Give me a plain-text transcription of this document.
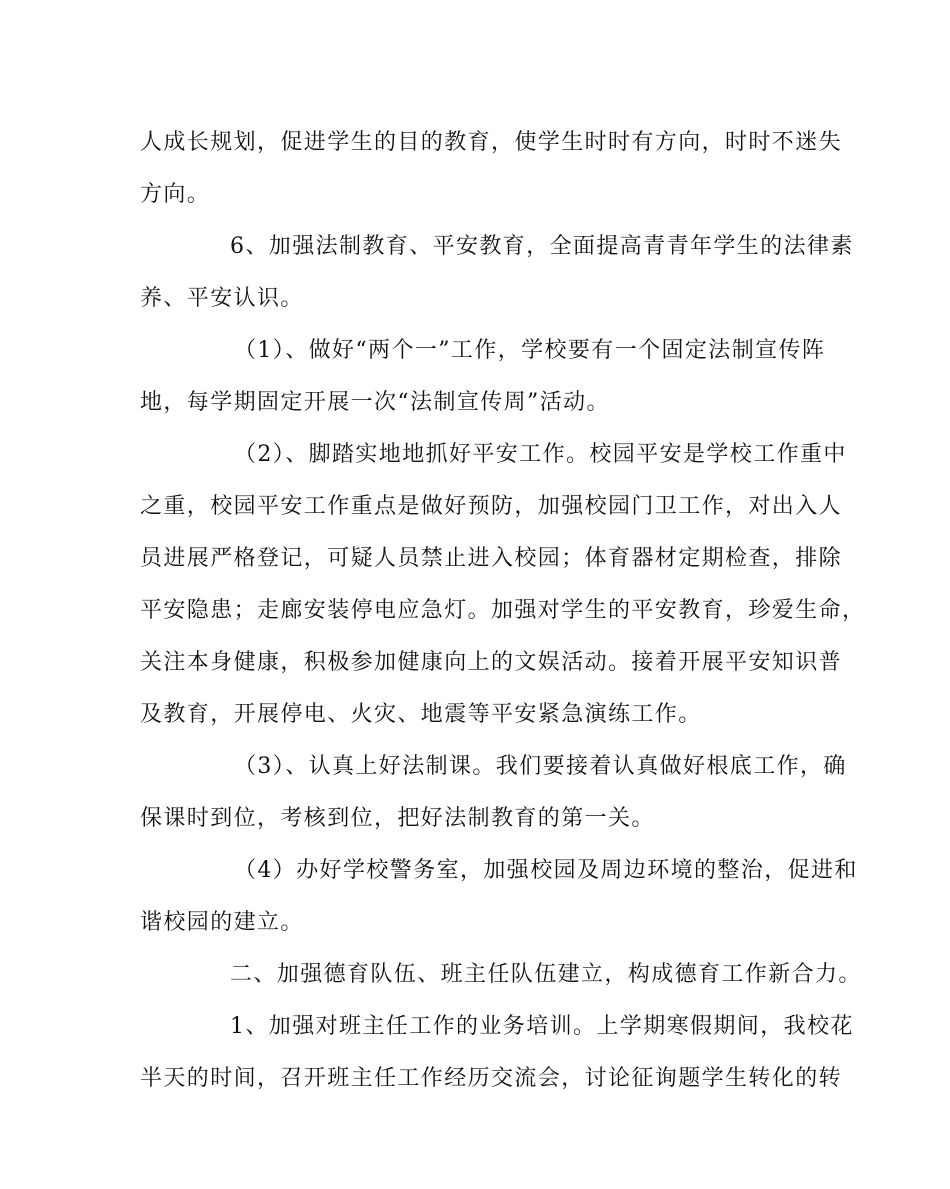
人成长规划，促进学生的目的教育，使学生时时有方向，时时不迷失
方向。
6、加强法制教育、平安教育，全面提高青青年学生的法律素
养、平安认识。
（1）、做好“两个一”工作，学校要有一个固定法制宣传阵
地，每学期固定开展一次“法制宣传周”活动。
（2）、脚踏实地地抓好平安工作。校园平安是学校工作重中
之重，校园平安工作重点是做好预防，加强校园门卫工作，对出入人
员进展严格登记，可疑人员禁止进入校园；体育器材定期检查，排除
平安隐患；走廊安装停电应急灯。加强对学生的平安教育，珍爱生命，
关注本身健康，积极参加健康向上的文娱活动。接着开展平安知识普
及教育，开展停电、火灾、地震等平安紧急演练工作。
（3）、认真上好法制课。我们要接着认真做好根底工作，确
保课时到位，考核到位，把好法制教育的第一关。
（4）办好学校警务室，加强校园及周边环境的整治，促进和
谐校园的建立。
二、加强德育队伍、班主任队伍建立，构成德育工作新合力。
1、加强对班主任工作的业务培训。上学期寒假期间，我校花
半天的时间，召开班主任工作经历交流会，讨论征询题学生转化的转
